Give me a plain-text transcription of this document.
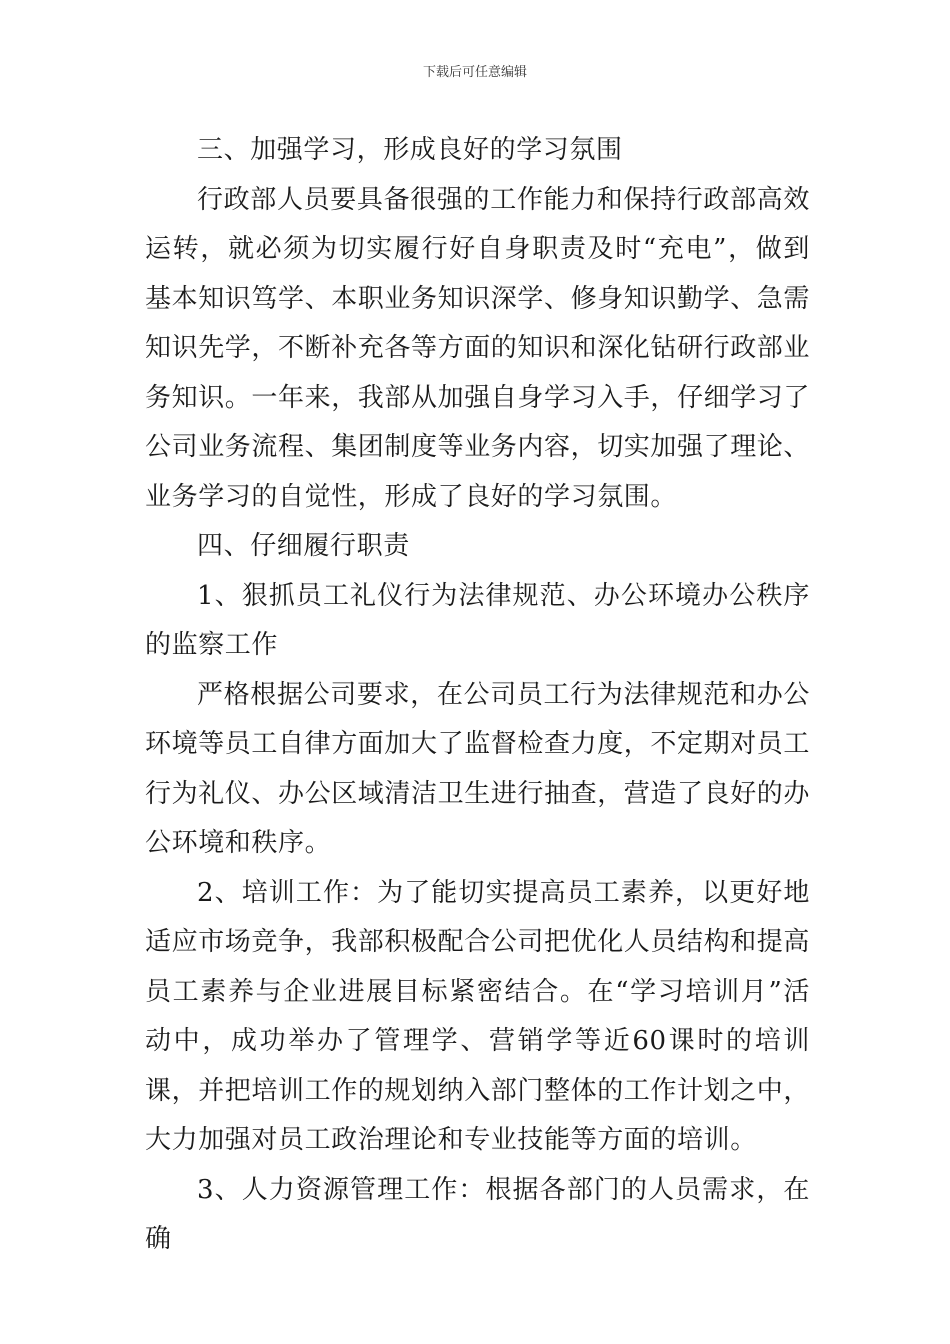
下载后可任意编辑

三、加强学习，形成良好的学习氛围

行政部人员要具备很强的工作能力和保持行政部高效运转，就必须为切实履行好自身职责及时“充电”，做到基本知识笃学、本职业务知识深学、修身知识勤学、急需知识先学，不断补充各等方面的知识和深化钻研行政部业务知识。一年来，我部从加强自身学习入手，仔细学习了公司业务流程、集团制度等业务内容，切实加强了理论、业务学习的自觉性，形成了良好的学习氛围。

四、仔细履行职责

1、狠抓员工礼仪行为法律规范、办公环境办公秩序的监察工作

严格根据公司要求，在公司员工行为法律规范和办公环境等员工自律方面加大了监督检查力度，不定期对员工行为礼仪、办公区域清洁卫生进行抽查，营造了良好的办公环境和秩序。

2、培训工作：为了能切实提高员工素养，以更好地适应市场竞争，我部积极配合公司把优化人员结构和提高员工素养与企业进展目标紧密结合。在“学习培训月”活动中，成功举办了管理学、营销学等近60课时的培训课，并把培训工作的规划纳入部门整体的工作计划之中，大力加强对员工政治理论和专业技能等方面的培训。

3、人力资源管理工作：根据各部门的人员需求，在确
